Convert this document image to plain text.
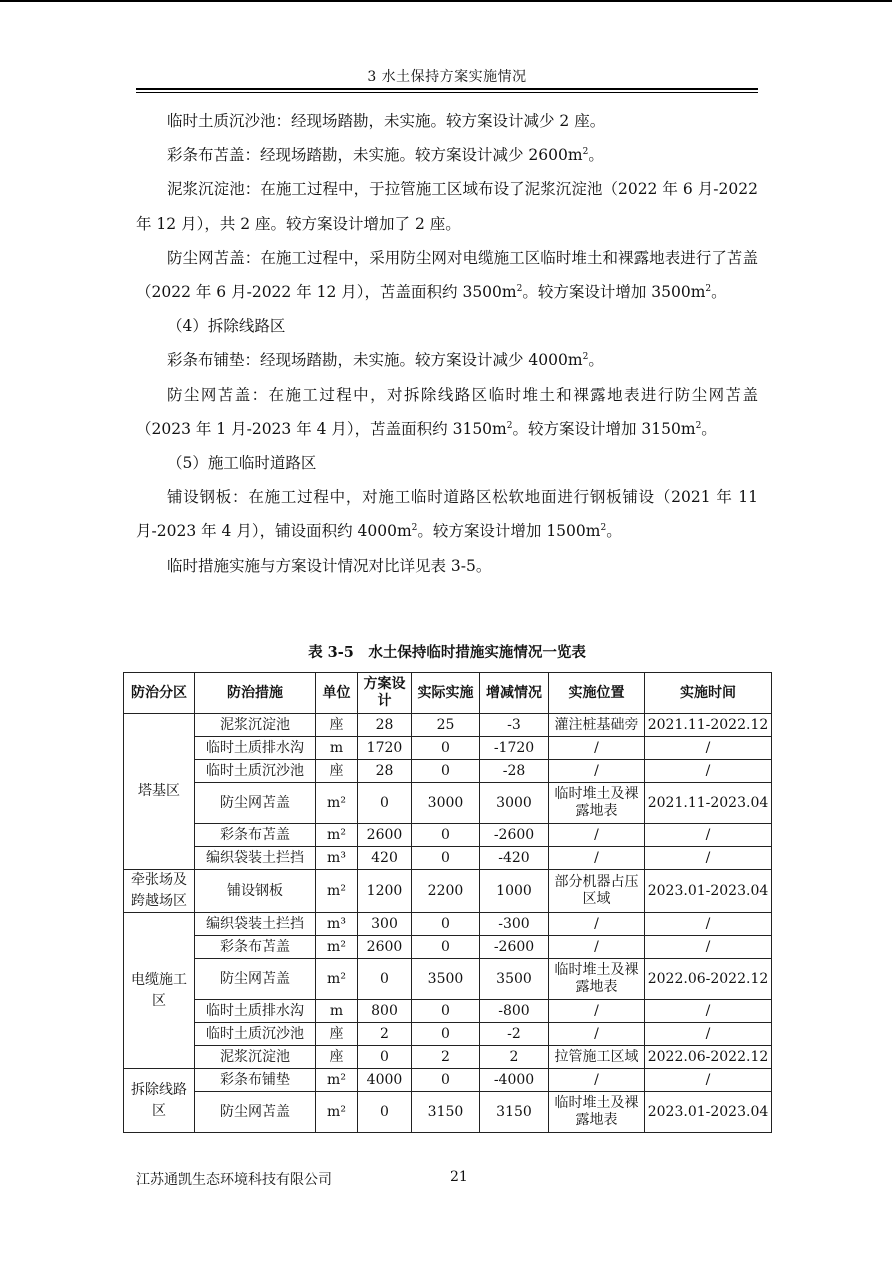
3 水土保持方案实施情况

临时土质沉沙池：经现场踏勘，未实施。较方案设计减少 2 座。

彩条布苫盖：经现场踏勘，未实施。较方案设计减少 $2600m^2$。

泥浆沉淀池：在施工过程中，于拉管施工区域布设了泥浆沉淀池（2022 年 6 月-2022 年 12 月），共 2 座。较方案设计增加了 2 座。

防尘网苫盖：在施工过程中，采用防尘网对电缆施工区临时堆土和裸露地表进行了苫盖（2022 年 6 月-2022 年 12 月），苫盖面积约 $3500m^2$。较方案设计增加 $3500m^2$。

（4）拆除线路区

彩条布铺垫：经现场踏勘，未实施。较方案设计减少 $4000m^2$。

防尘网苫盖：在施工过程中，对拆除线路区临时堆土和裸露地表进行防尘网苫盖（2023 年 1 月-2023 年 4 月），苫盖面积约 $3150m^2$。较方案设计增加 $3150m^2$。

（5）施工临时道路区

铺设钢板：在施工过程中，对施工临时道路区松软地面进行钢板铺设（2021 年 11 月-2023 年 4 月），铺设面积约 $4000m^2$。较方案设计增加 $1500m^2$。

临时措施实施与方案设计情况对比详见表 3-5。

表 3-5　水土保持临时措施实施情况一览表
防治分区	防治措施	单位	方案设计	实际实施	增减情况	实施位置	实施时间
塔基区	泥浆沉淀池	座	28	25	-3	灌注桩基础旁	2021.11-2022.12
	临时土质排水沟	m	1720	0	-1720	/	/
	临时土质沉沙池	座	28	0	-28	/	/
	防尘网苫盖	m²	0	3000	3000	临时堆土及裸露地表	2021.11-2023.04
	彩条布苫盖	m²	2600	0	-2600	/	/
	编织袋装土拦挡	m³	420	0	-420	/	/
牵张场及跨越场区	铺设钢板	m²	1200	2200	1000	部分机器占压区域	2023.01-2023.04
电缆施工区	编织袋装土拦挡	m³	300	0	-300	/	/
	彩条布苫盖	m²	2600	0	-2600	/	/
	防尘网苫盖	m²	0	3500	3500	临时堆土及裸露地表	2022.06-2022.12
	临时土质排水沟	m	800	0	-800	/	/
	临时土质沉沙池	座	2	0	-2	/	/
	泥浆沉淀池	座	0	2	2	拉管施工区域	2022.06-2022.12
拆除线路区	彩条布铺垫	m²	4000	0	-4000	/	/
	防尘网苫盖	m²	0	3150	3150	临时堆土及裸露地表	2023.01-2023.04
江苏通凯生态环境科技有限公司	21
